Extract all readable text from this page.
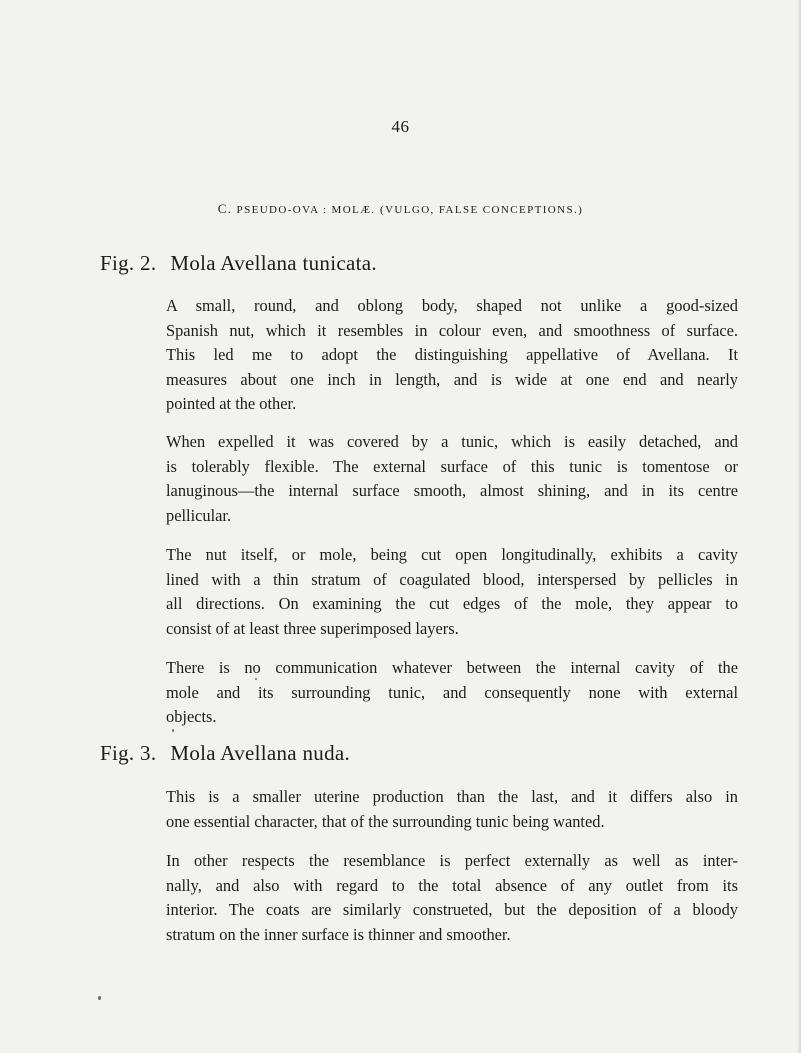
46
C. PSEUDO-OVA : MOLÆ. (VULGO, FALSE CONCEPTIONS.)
Fig. 2. Mola Avellana tunicata.
A small, round, and oblong body, shaped not unlike a good-sized
Spanish nut, which it resembles in colour even, and smoothness of surface.
This led me to adopt the distinguishing appellative of Avellana. It
measures about one inch in length, and is wide at one end and nearly
pointed at the other.
When expelled it was covered by a tunic, which is easily detached, and
is tolerably flexible. The external surface of this tunic is tomentose or
lanuginous—the internal surface smooth, almost shining, and in its centre
pellicular.
The nut itself, or mole, being cut open longitudinally, exhibits a cavity
lined with a thin stratum of coagulated blood, interspersed by pellicles in
all directions. On examining the cut edges of the mole, they appear to
consist of at least three superimposed layers.
There is no communication whatever between the internal cavity of the
mole and its surrounding tunic, and consequently none with external
objects.
Fig. 3. Mola Avellana nuda.
This is a smaller uterine production than the last, and it differs also in
one essential character, that of the surrounding tunic being wanted.
In other respects the resemblance is perfect externally as well as inter-
nally, and also with regard to the total absence of any outlet from its
interior. The coats are similarly construeted, but the deposition of a bloody
stratum on the inner surface is thinner and smoother.
